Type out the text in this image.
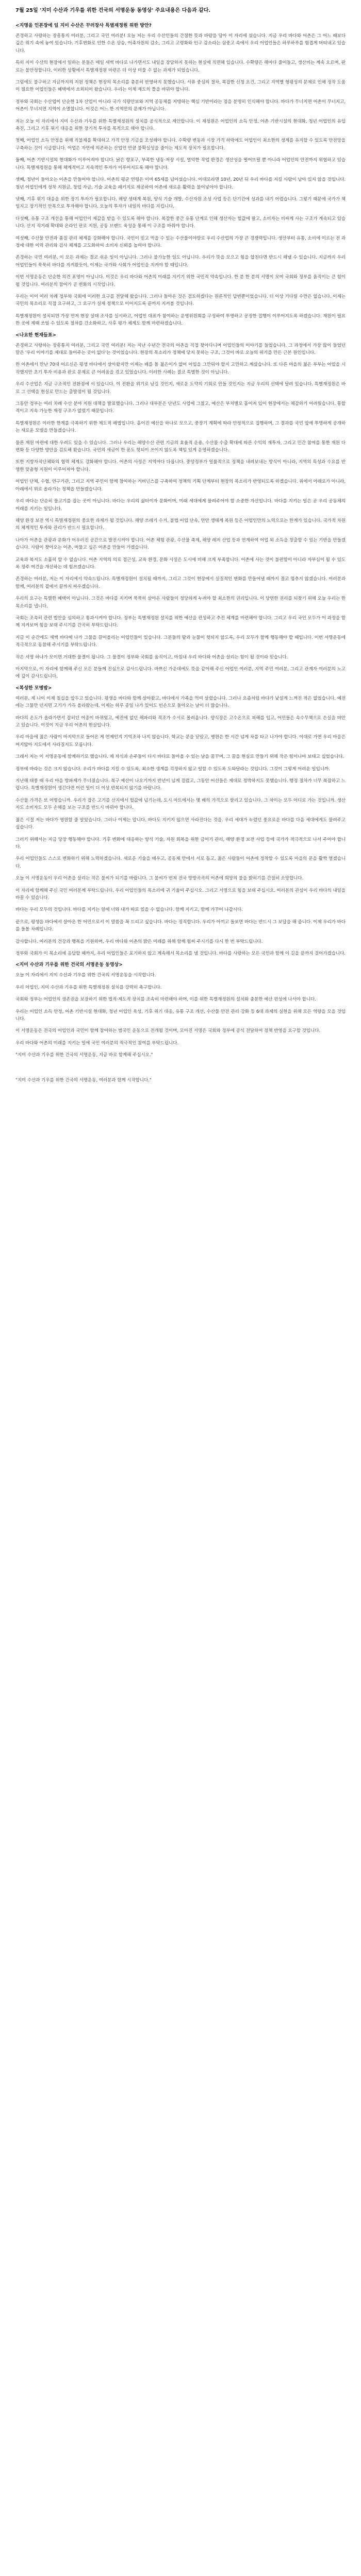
7월 25일 '지미 수산과 기우를 위한 건국의 서명운동 동영상' 주요내용은 다음과 같다.
<지명을 인본장에 일 지미 수산은 꾸러장사 특별재정원 위한 방안?

존경하고 사랑하는 장흥통지 여러분, 그리고 국민 여러분! 오늘 저는 우리 수산인들의 간절한 뜻과 바람을 담아 이 자리에 섰습니다. 지금 우리 바다와 어촌은 그 어느 때보다 깊은 위기 속에 놓여 있습니다. 기후변화로 인한 수온 상승, 어족자원의 감소, 그리고 고령화와 인구 감소라는 삼중고 속에서 우리 어업인들은 하루하루를 힘겹게 버텨내고 있습니다.

특히 지미 수산의 현장에서 일하는 분들은 매일 새벽 바다로 나가면서도 내일을 장담하지 못하는 현실에 직면해 있습니다. 수확량은 해마다 줄어들고, 생산비는 계속 오르며, 판로는 불안정합니다. 이러한 상황에서 특별재정원 마련은 더 이상 미룰 수 없는 과제가 되었습니다.

그럼에도 불구하고 지금까지의 지원 정책은 현장의 목소리를 충분히 반영하지 못했습니다. 서류 중심의 절차, 복잡한 신청 요건, 그리고 지역별 형평성의 문제로 인해 정작 도움이 필요한 어업인들은 혜택에서 소외되어 왔습니다. 우리는 이제 제도의 틀을 바꿔야 합니다.

정부와 국회는 수산업이 단순한 1차 산업이 아니라 국가 식량안보와 지역 공동체를 지탱하는 핵심 기반이라는 점을 분명히 인식해야 합니다. 바다가 무너지면 어촌이 무너지고, 어촌이 무너지면 지역이 소멸합니다. 이것은 어느 한 지역만의 문제가 아닙니다.

저는 오늘 이 자리에서 지미 수산과 기우를 위한 특별재정원의 설치를 공식적으로 제안합니다. 이 재정원은 어업인의 소득 안정, 어촌 기반시설의 현대화, 청년 어업인의 유입 촉진, 그리고 기후 위기 대응을 위한 장기적 투자를 목적으로 해야 합니다.

첫째, 어업인 소득 안정을 위해 직불제를 확대하고 가격 안정 기금을 조성해야 합니다. 수확량 변동과 시장 가격 하락에도 어업인이 최소한의 생계를 유지할 수 있도록 안전망을 구축하는 것이 시급합니다. 어업은 자연에 의존하는 산업인 만큼 불확실성을 줄이는 제도적 장치가 필요합니다.

둘째, 어촌 기반시설의 현대화가 이루어져야 합니다. 낡은 항포구, 부족한 냉동·저장 시설, 열악한 작업 환경은 생산성을 떨어뜨릴 뿐 아니라 어업인의 안전까지 위협하고 있습니다. 특별재정원을 통해 체계적이고 지속적인 투자가 이루어지도록 해야 합니다.

셋째, 청년이 돌아오는 어촌을 만들어야 합니다. 어촌의 평균 연령은 이미 65세를 넘어섰습니다. 이대로라면 10년, 20년 뒤 우리 바다를 지킬 사람이 남아 있지 않을 것입니다. 청년 어업인에게 정착 지원금, 창업 자금, 기술 교육을 패키지로 제공하여 어촌에 새로운 활력을 불어넣어야 합니다.

넷째, 기후 위기 대응을 위한 장기 투자가 필요합니다. 해양 생태계 복원, 양식 기술 개발, 수산자원 조성 사업 등은 단기간에 성과를 내기 어렵습니다. 그렇기 때문에 국가가 책임지고 장기적인 안목으로 투자해야 합니다. 오늘의 투자가 내일의 바다를 지킵니다.

다섯째, 유통 구조 개선을 통해 어업인이 제값을 받을 수 있도록 해야 합니다. 복잡한 중간 유통 단계로 인해 생산자는 헐값에 팔고, 소비자는 비싸게 사는 구조가 계속되고 있습니다. 산지 직거래 확대와 온라인 판로 지원, 공동 브랜드 육성을 통해 이 구조를 바꿔야 합니다.

여섯째, 수산물 안전과 품질 관리 체계를 강화해야 합니다. 국민이 믿고 먹을 수 있는 수산물이야말로 우리 수산업의 가장 큰 경쟁력입니다. 생산부터 유통, 소비에 이르는 전 과정에 대한 이력 관리와 검사 체계를 고도화하여 소비자 신뢰를 높여야 합니다.

존경하는 국민 여러분, 이 모든 과제는 결코 쉬운 일이 아닙니다. 그러나 불가능한 일도 아닙니다. 우리가 뜻을 모으고 힘을 합친다면 반드시 해낼 수 있습니다. 지금까지 우리 어업인들이 묵묵히 바다를 지켜왔듯이, 이제는 국가와 사회가 어업인을 지켜야 할 때입니다.

이번 서명운동은 단순한 의견 표명이 아닙니다. 이것은 우리 바다와 어촌의 미래를 지키기 위한 국민적 약속입니다. 한 분 한 분의 서명이 모여 국회와 정부를 움직이는 큰 힘이 될 것입니다. 여러분의 참여가 곧 변화의 시작입니다.

우리는 이미 여러 차례 정부와 국회에 이러한 요구를 전달해 왔습니다. 그러나 돌아온 것은 검토하겠다는 원론적인 답변뿐이었습니다. 더 이상 기다릴 수만은 없습니다. 이제는 국민의 목소리로 직접 요구하고, 그 요구가 실제 정책으로 이어지도록 끝까지 지켜볼 것입니다.

특별재정원이 설치되면 가장 먼저 현장 실태 조사를 실시하고, 어업인 대표가 참여하는 운영위원회를 구성하여 투명하고 공정한 집행이 이루어지도록 하겠습니다. 재원이 필요한 곳에 제때 쓰일 수 있도록 절차를 간소화하고, 사후 평가 체계도 함께 마련하겠습니다.

<나요한 현재들표>

존경하고 사랑하는 장흥통지 여러분, 그리고 국민 여러분! 저는 지난 수년간 전국의 어촌을 직접 찾아다니며 어업인들의 이야기를 들었습니다. 그 과정에서 가장 많이 들었던 말은 '우리 이야기를 제대로 들어주는 곳이 없다'는 것이었습니다. 현장의 목소리가 정책에 닿지 못하는 구조, 그것이 바로 오늘의 위기를 만든 근본 원인입니다.

한 어촌에서 만난 70대 어르신은 평생 바다에서 살아왔지만 이제는 배를 몰 젊은이가 없어 어업을 그만둬야 할지 고민하고 계셨습니다. 또 다른 마을의 젊은 부부는 어업을 시작했지만 초기 투자 비용과 판로 문제로 큰 어려움을 겪고 있었습니다. 이러한 사례는 결코 특별한 것이 아닙니다.

우리 수산업은 지금 구조적인 전환점에 서 있습니다. 이 전환을 위기로 남길 것인지, 새로운 도약의 기회로 만들 것인지는 지금 우리의 선택에 달려 있습니다. 특별재정원은 바로 그 선택을 현실로 만드는 출발점이 될 것입니다.

그동안 정부는 여러 차례 수산 분야 지원 대책을 발표했습니다. 그러나 대부분은 단년도 사업에 그쳤고, 예산은 부처별로 흩어져 있어 현장에서는 체감하기 어려웠습니다. 통합적이고 지속 가능한 재정 구조가 없었기 때문입니다.

특별재정원은 이러한 한계를 극복하기 위한 제도적 해법입니다. 흩어진 예산을 하나로 모으고, 중장기 계획에 따라 안정적으로 집행하며, 그 결과를 국민 앞에 투명하게 공개하는 새로운 모델을 만들겠습니다.

물론 재원 마련에 대한 우려도 있을 수 있습니다. 그러나 우리는 해양수산 관련 기금의 효율적 운용, 수산물 수출 확대에 따른 수익의 재투자, 그리고 민간 참여를 통한 재원 다변화 등 다양한 방안을 검토해 왔습니다. 국민의 세금이 한 푼도 헛되이 쓰이지 않도록 책임 있게 운영하겠습니다.

또한 지방자치단체와의 협력 체계도 강화해야 합니다. 어촌의 사정은 지역마다 다릅니다. 중앙정부가 일률적으로 정책을 내려보내는 방식이 아니라, 지역의 특성과 수요를 반영한 맞춤형 지원이 이루어져야 합니다.

어업인 단체, 수협, 연구기관, 그리고 지역 주민이 함께 참여하는 거버넌스를 구축하여 정책의 기획 단계부터 현장의 목소리가 반영되도록 하겠습니다. 위에서 아래로가 아니라, 아래에서 위로 올라가는 정책을 만들겠습니다.

우리 바다는 단순히 물고기를 잡는 곳이 아닙니다. 바다는 우리의 삶터이자 문화이며, 미래 세대에게 물려주어야 할 소중한 자산입니다. 바다를 지키는 일은 곧 우리 공동체의 미래를 지키는 일입니다.

해양 환경 보전 역시 특별재정원의 중요한 과제가 될 것입니다. 해양 쓰레기 수거, 불법 어업 단속, 연안 생태계 복원 등은 어업인만의 노력으로는 한계가 있습니다. 국가적 차원의 체계적인 투자와 관리가 반드시 필요합니다.

나아가 어촌을 관광과 문화가 어우러진 공간으로 발전시켜야 합니다. 어촌 체험 관광, 수산물 축제, 해양 레저 산업 등과 연계하여 어업 외 소득을 창출할 수 있는 기반을 만들겠습니다. 사람이 찾아오는 어촌, 머물고 싶은 어촌을 만들어 가겠습니다.

교육과 복지도 소홀히 할 수 없습니다. 어촌 지역의 의료 접근성, 교육 환경, 문화 시설은 도시에 비해 크게 부족합니다. 어촌에 사는 것이 불편함이 아니라 자부심이 될 수 있도록 정주 여건을 개선하는 데 힘쓰겠습니다.

존경하는 여러분, 저는 이 자리에서 약속드립니다. 특별재정원이 설치될 때까지, 그리고 그것이 현장에서 실질적인 변화를 만들어낼 때까지 결코 멈추지 않겠습니다. 여러분과 함께, 여러분의 곁에서 끝까지 싸우겠습니다.

우리의 요구는 특별한 혜택이 아닙니다. 그것은 바다를 지키며 묵묵히 살아온 사람들이 정당하게 누려야 할 최소한의 권리입니다. 이 당연한 권리를 되찾기 위해 오늘 우리는 한 목소리를 냅니다.

국회는 조속히 관련 법안을 심의하고 통과시켜야 합니다. 정부는 특별재정원 설치를 위한 예산을 편성하고 추진 체계를 마련해야 합니다. 그리고 우리 국민 모두가 이 과정을 함께 지켜보며 힘을 보태 주시기를 간곡히 부탁드립니다.

지금 이 순간에도 새벽 바다에 나가 그물을 끌어올리는 어업인들이 있습니다. 그분들의 땀과 눈물이 헛되지 않도록, 우리 모두가 함께 행동해야 할 때입니다. 이번 서명운동에 적극적으로 동참해 주시기를 부탁드립니다.

작은 서명 하나가 모이면 거대한 물결이 됩니다. 그 물결이 정부와 국회를 움직이고, 마침내 우리 바다와 어촌을 살리는 힘이 될 것이라 믿습니다.

마지막으로, 이 자리에 함께해 주신 모든 분들께 진심으로 감사드립니다. 바쁘신 가운데에도 뜻을 같이해 주신 어업인 여러분, 지역 주민 여러분, 그리고 관계자 여러분의 노고에 깊이 감사드립니다.

<복성한 모병밤>

여러분, 제 나이 이제 칠십을 앞두고 있습니다. 평생을 바다와 함께 살아왔고, 바다에서 가족을 먹여 살렸습니다. 그러나 요즘처럼 바다가 낯설게 느껴진 적은 없었습니다. 예전에는 그물만 던지면 고기가 가득 올라왔는데, 이제는 하루 종일 나가 있어도 빈손으로 돌아오는 날이 더 많습니다.

바다의 온도가 올라가면서 잡히던 어종이 바뀌었고, 예전에 없던 해파리와 적조가 수시로 몰려옵니다. 양식장은 고수온으로 피해를 입고, 어민들은 속수무책으로 손실을 떠안고 있습니다. 이것이 지금 우리 어촌의 현실입니다.

우리 마을에 젊은 사람이 마지막으로 들어온 게 언제인지 기억조차 나지 않습니다. 학교는 문을 닫았고, 병원은 한 시간 넘게 차를 타고 나가야 합니다. 이대로 가면 우리 마을은 머지않아 지도에서 사라질지도 모릅니다.

그래서 저는 이 서명운동에 함께하기로 했습니다. 제 자식과 손주들이 다시 바다로 돌아올 수 있는 날을 꿈꾸며, 그 꿈을 현실로 만들기 위해 작은 힘이나마 보태고 싶었습니다.

정부에 바라는 것은 크지 않습니다. 우리가 바다를 지킬 수 있도록, 최소한 생계를 걱정하지 않고 일할 수 있도록 도와달라는 것입니다. 그것이 그렇게 어려운 일입니까.

지난해 태풍 때 우리 마을 방파제가 무너졌습니다. 복구 예산이 나오기까지 반년이 넘게 걸렸고, 그동안 어선들은 제대로 정박하지도 못했습니다. 행정 절차가 너무 복잡하고 느립니다. 특별재정원이 생긴다면 이런 일이 더 이상 반복되지 않기를 바랍니다.

수산물 가격은 또 어떻습니까. 우리가 잡은 고기를 산지에서 헐값에 넘기는데, 도시 마트에서는 몇 배의 가격으로 팔리고 있습니다. 그 차이는 모두 어디로 가는 것입니까. 생산자도 소비자도 모두 손해를 보는 구조를 반드시 바꿔야 합니다.

젊은 시절 저는 바다가 영원할 줄 알았습니다. 그러나 이제는 압니다. 바다도 지키지 않으면 사라진다는 것을. 우리 세대가 누렸던 풍요로운 바다를 다음 세대에게도 물려주고 싶습니다.

그러기 위해서는 지금 당장 행동해야 합니다. 기후 변화에 대응하는 양식 기술, 자원 회복을 위한 금어기 관리, 해양 환경 보전 사업 등에 국가가 적극적으로 나서 주어야 합니다.

우리 어업인들도 스스로 변화하기 위해 노력하겠습니다. 새로운 기술을 배우고, 공동체 안에서 서로 돕고, 젊은 사람들이 어촌에 정착할 수 있도록 마을의 문을 활짝 열겠습니다.

오늘 이 서명운동이 우리 어촌을 살리는 작은 불씨가 되기를 바랍니다. 그 불씨가 번져 전국 방방곡곡의 어촌에 희망의 불을 밝히기를 간절히 소망합니다.

이 자리에 함께해 주신 국민 여러분께 부탁드립니다. 우리 어업인들의 목소리에 귀 기울여 주십시오. 그리고 서명으로 힘을 보태 주십시오. 여러분의 관심이 우리 바다의 내일을 바꿀 수 있습니다.

바다는 우리 모두의 것입니다. 바다를 지키는 일에 너와 내가 따로 있을 수 없습니다. 함께 지키고, 함께 가꾸어 나갑시다.

끝으로, 평생을 바다에서 살아온 한 어민으로서 이 말씀을 꼭 드리고 싶습니다. 바다는 정직합니다. 우리가 아끼고 돌보면 바다는 반드시 그 보답을 해 줍니다. 이제 우리가 바다를 돌볼 차례입니다.

감사합니다. 여러분의 건강과 행복을 기원하며, 우리 바다와 어촌의 밝은 미래를 위해 함께 힘써 주시기를 다시 한 번 부탁드립니다.

정부와 국회가 이 목소리에 응답할 때까지, 우리 어업인들은 포기하지 않고 계속해서 목소리를 낼 것입니다. 바다를 사랑하는 모든 국민과 함께 이 길을 끝까지 걸어가겠습니다.

<지미 수산과 기우를 위한 건국의 서명운동 동영상>

오늘 이 자리에서 지미 수산과 기우를 위한 건국의 서명운동을 시작합니다.

우리 어업인, 지미 수산과 기우를 위한 특별재정원 설치를 강력히 촉구합니다.

국회와 정부는 어업인의 생존권을 보장하기 위한 법적·제도적 장치를 조속히 마련해야 하며, 이를 위한 특별재정원의 설치와 충분한 예산 편성에 나서야 합니다.

우리는 어업인 소득 안정, 어촌 기반시설 현대화, 청년 어업인 육성, 기후 위기 대응, 유통 구조 개선, 수산물 안전 관리 강화 등 6대 과제의 실현을 위해 모든 역량을 모을 것입니다.

이 서명운동은 전국의 어업인과 국민이 함께 참여하는 범국민 운동으로 전개될 것이며, 모아진 서명은 국회와 정부에 공식 전달하여 정책 반영을 요구할 것입니다.

우리 바다와 어촌의 미래를 지키는 일에 국민 여러분의 적극적인 참여를 부탁드립니다.

"지미 수산과 기우를 위한 건국의 서명운동, 지금 바로 함께해 주십시오."

"지미 수산과 기우를 위한 건국의 서명운동, 여러분과 함께 시작합니다."
